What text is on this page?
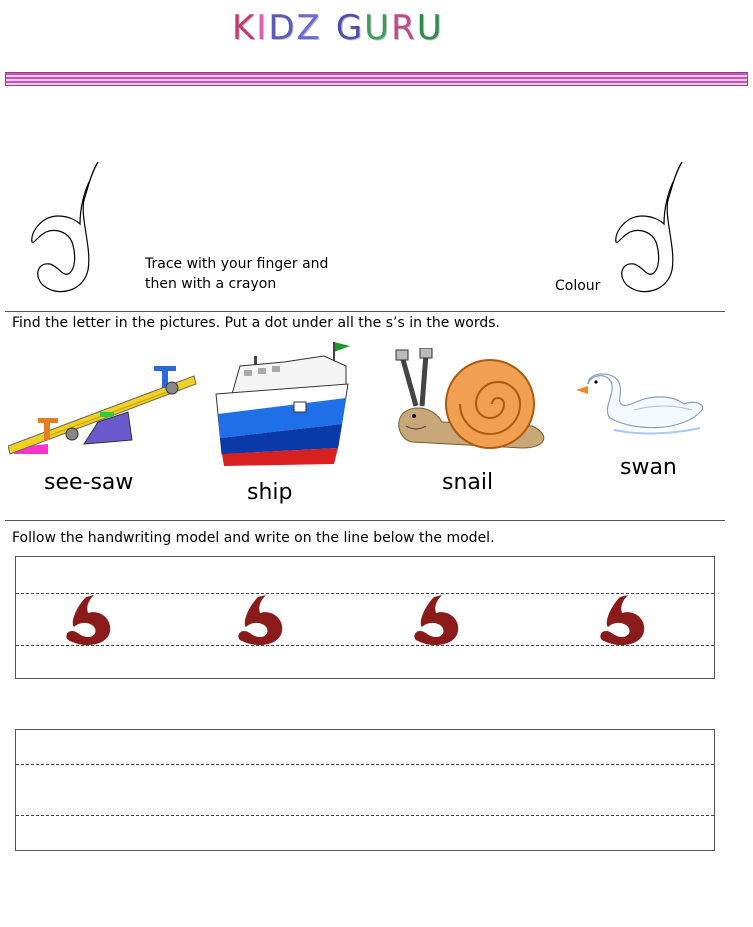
KIDZ GURU
Trace with your finger and
then with a crayon	Colour
Find the letter in the pictures. Put a dot under all the s’s in the words.
see-saw	ship	snail
swan
Follow the handwriting model and write on the line below the model.
